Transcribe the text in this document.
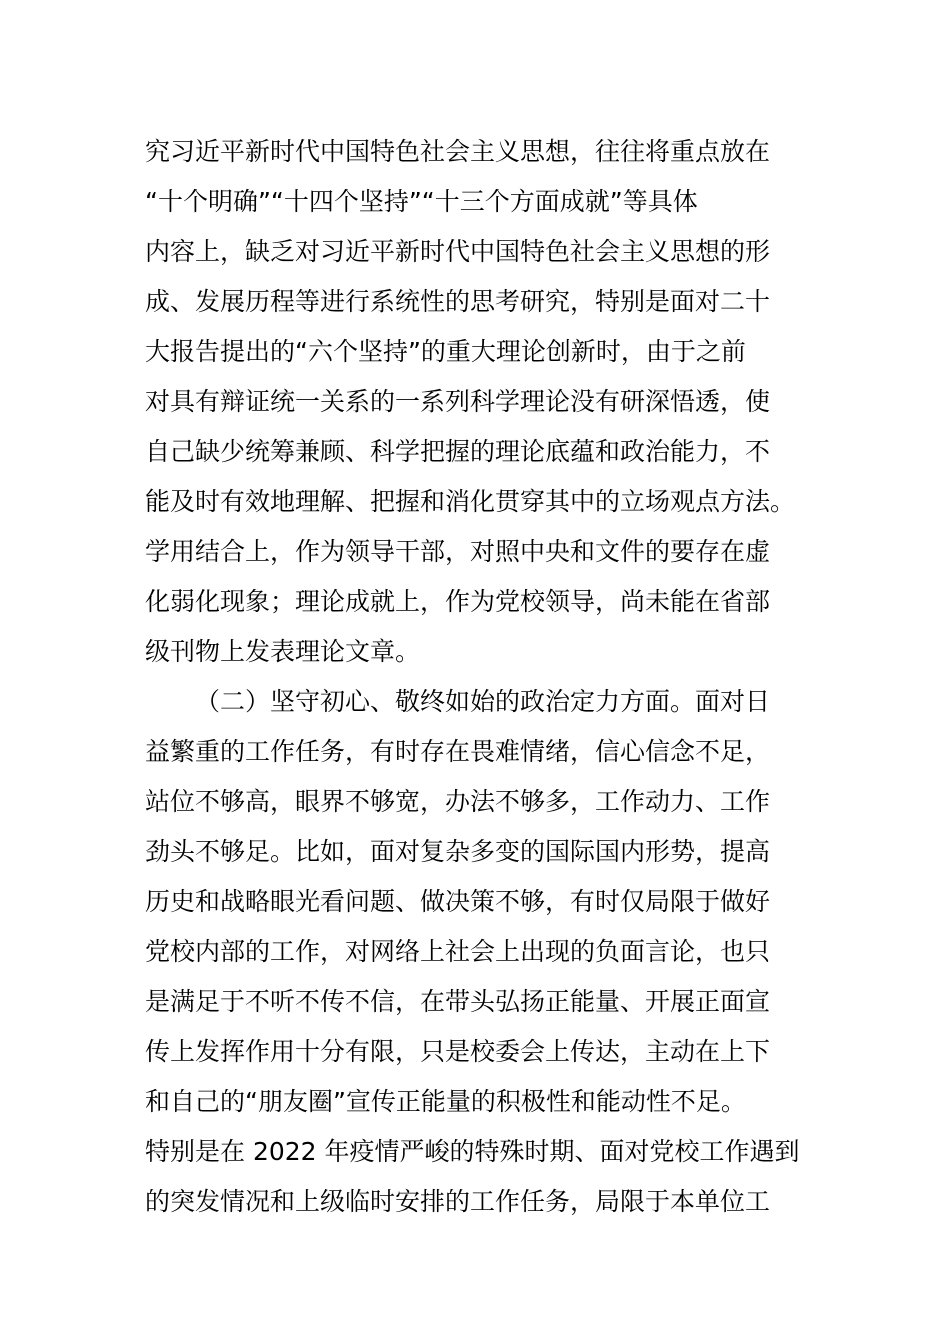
究习近平新时代中国特色社会主义思想，往往将重点放在
“十个明确”“十四个坚持”“十三个方面成就”等具体
内容上，缺乏对习近平新时代中国特色社会主义思想的形
成、发展历程等进行系统性的思考研究，特别是面对二十
大报告提出的“六个坚持”的重大理论创新时，由于之前
对具有辩证统一关系的一系列科学理论没有研深悟透，使
自己缺少统筹兼顾、科学把握的理论底蕴和政治能力，不
能及时有效地理解、把握和消化贯穿其中的立场观点方法。
学用结合上，作为领导干部，对照中央和文件的要存在虚
化弱化现象；理论成就上，作为党校领导，尚未能在省部
级刊物上发表理论文章。
（二）坚守初心、敬终如始的政治定力方面。面对日
益繁重的工作任务，有时存在畏难情绪，信心信念不足，
站位不够高，眼界不够宽，办法不够多，工作动力、工作
劲头不够足。比如，面对复杂多变的国际国内形势，提高
历史和战略眼光看问题、做决策不够，有时仅局限于做好
党校内部的工作，对网络上社会上出现的负面言论，也只
是满足于不听不传不信，在带头弘扬正能量、开展正面宣
传上发挥作用十分有限，只是校委会上传达，主动在上下
和自己的“朋友圈”宣传正能量的积极性和能动性不足。
特别是在 2022 年疫情严峻的特殊时期、面对党校工作遇到
的突发情况和上级临时安排的工作任务，局限于本单位工
